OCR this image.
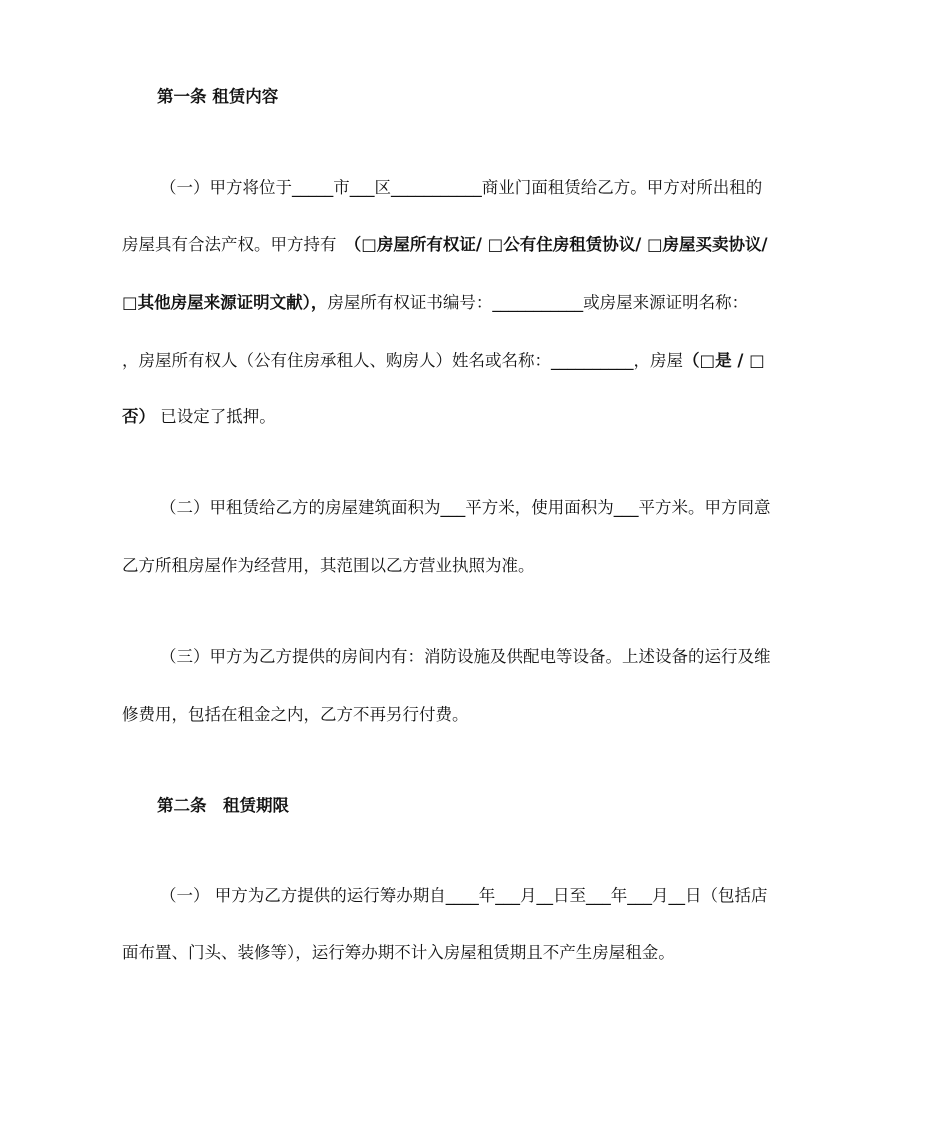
第一条 租赁内容
（一）甲方将位于_____市___区___________商业门面租赁给乙方。甲方对所出租的
房屋具有合法产权。甲方持有　（□房屋所有权证/ □公有住房租赁协议/ □房屋买卖协议/
□其他房屋来源证明文献），房屋所有权证书编号：___________或房屋来源证明名称：
，房屋所有权人（公有住房承租人、购房人）姓名或名称：__________，房屋（□是 / □
否） 已设定了抵押。
（二）甲租赁给乙方的房屋建筑面积为___平方米，使用面积为___平方米。甲方同意
乙方所租房屋作为经营用，其范围以乙方营业执照为准。
（三）甲方为乙方提供的房间内有：消防设施及供配电等设备。上述设备的运行及维
修费用，包括在租金之内，乙方不再另行付费。
第二条　租赁期限
（一） 甲方为乙方提供的运行筹办期自____年___月__日至___年___月__日（包括店
面布置、门头、装修等），运行筹办期不计入房屋租赁期且不产生房屋租金。
